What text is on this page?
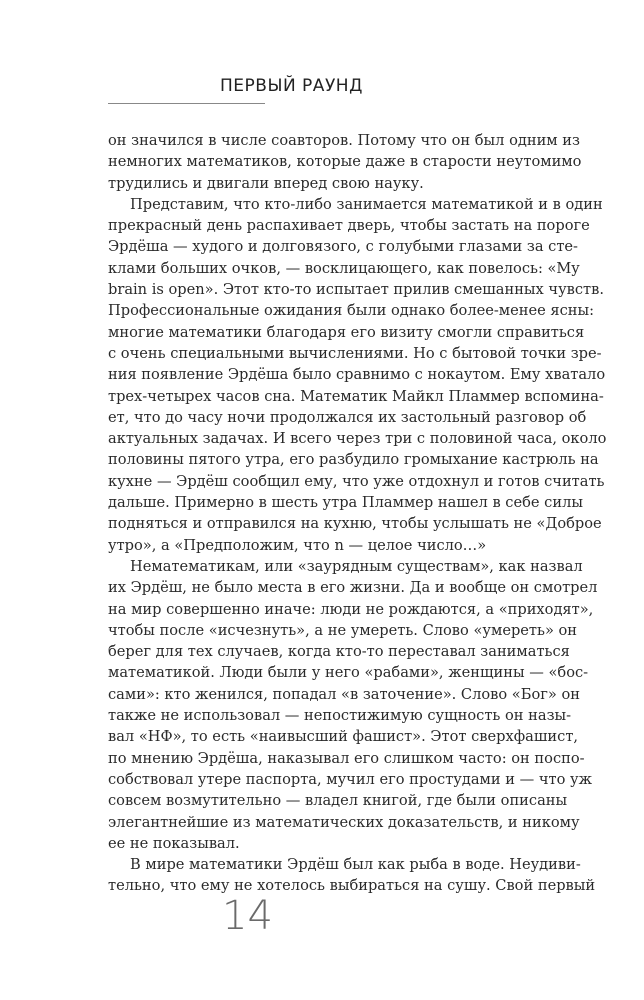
ПЕРВЫЙ РАУНД

он значился в числе соавторов. Потому что он был одним из
немногих математиков, которые даже в старости неутомимо
трудились и двигали вперед свою науку.

Представим, что кто-либо занимается математикой и в один
прекрасный день распахивает дверь, чтобы застать на пороге
Эрдёша — худого и долговязого, с голубыми глазами за сте-
клами больших очков, — восклицающего, как повелось: «My
brain is open». Этот кто-то испытает прилив смешанных чувств.
Профессиональные ожидания были однако более-менее ясны:
многие математики благодаря его визиту смогли справиться
с очень специальными вычислениями. Но с бытовой точки зре-
ния появление Эрдёша было сравнимо с нокаутом. Ему хватало
трех-четырех часов сна. Математик Майкл Пламмер вспомина-
ет, что до часу ночи продолжался их застольный разговор об
актуальных задачах. И всего через три с половиной часа, около
половины пятого утра, его разбудило громыхание кастрюль на
кухне — Эрдёш сообщил ему, что уже отдохнул и готов считать
дальше. Примерно в шесть утра Пламмер нашел в себе силы
подняться и отправился на кухню, чтобы услышать не «Доброе
утро», а «Предположим, что n — целое число…»

Нематематикам, или «заурядным существам», как назвал
их Эрдёш, не было места в его жизни. Да и вообще он смотрел
на мир совершенно иначе: люди не рождаются, а «приходят»,
чтобы после «исчезнуть», а не умереть. Слово «умереть» он
берег для тех случаев, когда кто-то переставал заниматься
математикой. Люди были у него «рабами», женщины — «бос-
сами»: кто женился, попадал «в заточение». Слово «Бог» он
также не использовал — непостижимую сущность он назы-
вал «НФ», то есть «наивысший фашист». Этот сверхфашист,
по мнению Эрдёша, наказывал его слишком часто: он поспо-
собствовал утере паспорта, мучил его простудами и — что уж
совсем возмутительно — владел книгой, где были описаны
элегантнейшие из математических доказательств, и никому
ее не показывал.

В мире математики Эрдёш был как рыба в воде. Неудиви-
тельно, что ему не хотелось выбираться на сушу. Свой первый

14
